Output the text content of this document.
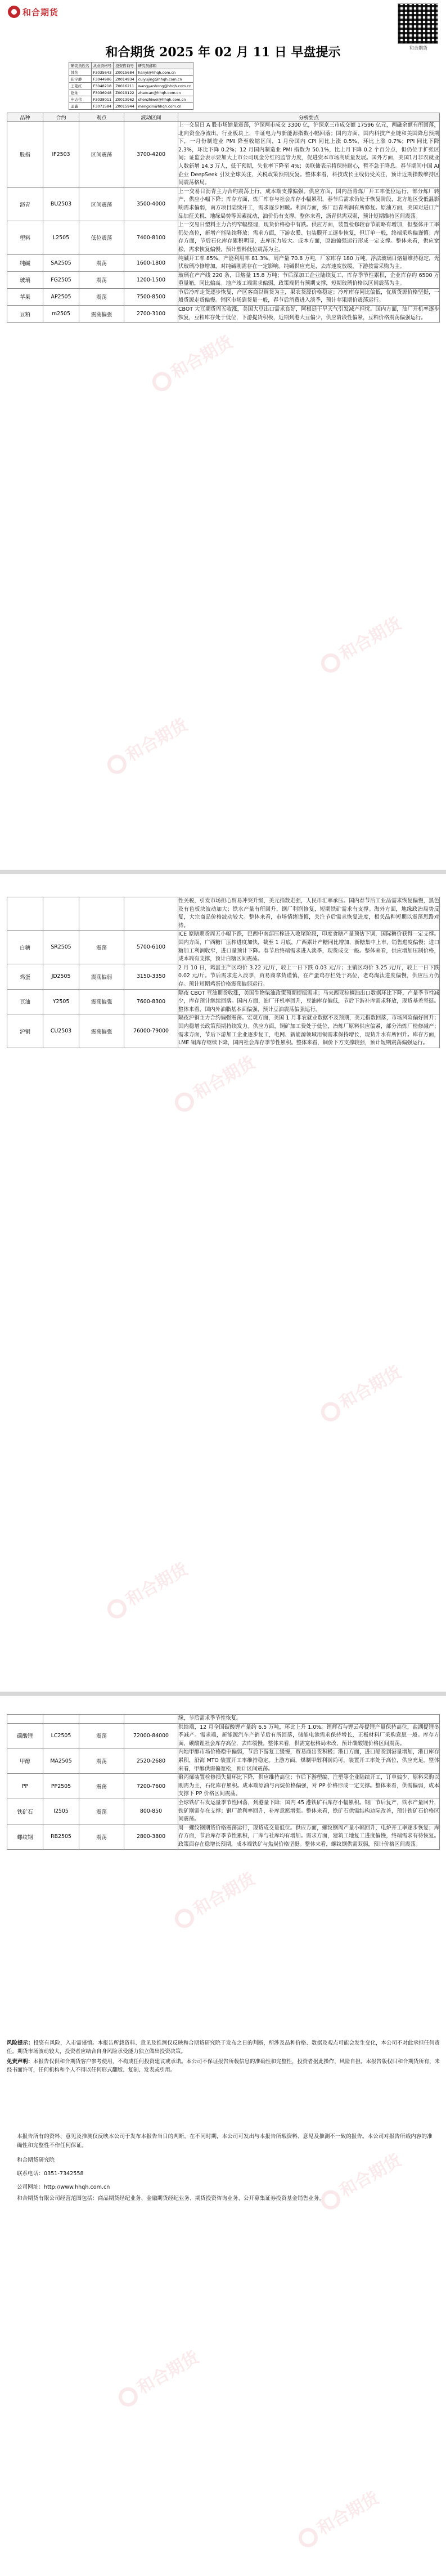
和合期货
和合期货
和合期货 2025 年 02 月 11 日 早盘提示
研究员姓名	从业资格号	投资咨询号	研究员邮箱
韩怡	F3035643	Z0015684	hanyi@hhqh.com.cn
崔宇静	F3044986	Z0014934	cuiyujing@hhqh.com.cn
王艳红	F3048218	Z0016211	wangyanhong@hhqh.com.cn
赵灿	F3036948	Z0019122	zhaocan@hhqh.com.cn
申志伟	F3038011	Z0013962	shenzhiwei@hhqh.com.cn
孟鑫	F3071584	Z0015944	mengxin@hhqh.com.cn
品种	合约	观点	波动区间	分析要点
股指	IF2503	区间震荡	3700-4200	上一交易日 A 股市场缩量震荡，沪深两市成交 3300 亿，沪深京三市成交额 17596 亿元，两融余额有所回落，北向资金净流出。行业板块上，中证电力与新能源指数小幅回落；国内方面，国内科技产业链和美国降息预期下，一月份制造业 PMI 降至收缩区间，1 月份国内 CPI 同比上涨 0.5%，环比上涨 0.7%；PPI 同比下降 2.3%，环比下降 0.2%；12 月国内制造业 PMI 指数为 50.1%，比上月下降 0.2 个百分点，但仍位于扩张区间；证监会表示要加大上市公司现金分红的监管力度，促进资本市场高质量发展。国外方面，美国1月非农就业人数新增 14.3 万人，低于预期，失业率下降至 4%；美联储表示将保持耐心，暂不急于降息。春节期间中国 AI 企业 DeepSeek 引发全球关注，关税政策预期反复。整体来看，科技成长主线仍受关注，预计近期指数维持区间震荡格局。
沥青	BU2503	区间震荡	3500-4000	上一交易日沥青主力合约震荡上行，成本端支撑偏强。供应方面，国内沥青炼厂开工率低位运行，部分炼厂转产，供应小幅下降；库存方面，炼厂库存与社会库存小幅累积，春节后需求仍处于恢复阶段，北方地区受低温影响需求偏弱，南方项目陆续开工，需求逐步回暖。利润方面，炼厂沥青利润有所修复。原油方面，美国对进口产品加征关税、地缘局势等因素扰动，油价仍有支撑。整体来看，沥青供需双弱，预计短期维持区间震荡。
塑料	L2505	低位震荡	7400-8100	上一交易日塑料主力合约窄幅整理，现货价格稳中有跌。供应方面，装置检修较春节前略有增加，但整体开工率仍处高位，新增产能陆续释放；需求方面，下游农膜、包装膜开工逐步恢复，但订单一般，终端采购偏谨慎；库存方面，节后石化库存累积明显，去库压力较大。成本方面，原油偏强运行形成一定支撑。整体来看，供应宽松，需求恢复偏慢，预计塑料低位震荡为主。
纯碱	SA2505	震荡	1600-1800	纯碱开工率 85%，产能利用率 81.3%，周产量 70.8 万吨，厂家库存 180 万吨。浮法玻璃日熔量维持稳定，光伏玻璃冷修增加，对纯碱刚需存在一定影响。纯碱供应充足，去库速度放缓，下游按需采购为主。
玻璃	FG2505	震荡	1200-1500	玻璃在产产线 220 条，日熔量 15.8 万吨；节后深加工企业陆续复工，库存季节性累积，企业库存约 6500 万重量箱，同比偏高。地产竣工端需求偏弱，政策端仍有预期支撑，短期玻璃价格以区间震荡为主。
苹果	AP2505	震荡	7500-8500	节后冷库走货逐步恢复，产区客商以调货为主，果农货源价格稳定；冷库库存同比偏低，优质货源价格坚挺，一般货源走货偏慢。销区市场到货量一般，春节后消费进入淡季，预计苹果期价震荡运行。
豆粕	m2505	震荡偏强	2700-3100	CBOT 大豆期货周五收涨，美国大豆出口需求良好，阿根廷干旱天气引发减产担忧。国内方面，油厂开机率逐步恢复，豆粕库存处于低位，下游提货积极，近期到港大豆偏少，供应阶段性偏紧，豆粕价格震荡偏强运行。
				性关税，引发市场担心贸易冲突升级，美元指数走强，人民币汇率承压。国内春节后工业品需求恢复偏慢，黑色及有色板块波动加大；铁水产量有所回升，钢厂利润修复，短期铁矿需求有支撑。海外方面，地缘政治局势反复，大宗商品价格波动较大。整体来看，市场情绪谨慎，关注节后需求恢复进度，相关品种短期以震荡思路对待。
白糖	SR2505	震荡	5700-6100	ICE 原糖期货周五小幅下跌，巴西中南部压榨进入收尾阶段，印度食糖产量预估下调，国际糖价获得一定支撑。国内方面，广西糖厂压榨进度加快，截至 1 月底，广西累计产糖同比增加，新糖集中上市，销售进度偏慢；进口糖加工利润收窄，进口量预计下降。春节后终端需求进入淡季，现货成交一般。整体来看，供应增加压制价格，成本端有支撑，预计白糖区间震荡。
鸡蛋	JD2505	震荡偏弱	3150-3350	2 月 10 日，鸡蛋主产区均价 3.22 元/斤，较上一日下跌 0.03 元/斤；主销区均价 3.25 元/斤，较上一日下跌 0.02 元/斤。节后需求进入淡季，贸易商拿货谨慎，在产蛋鸡存栏处于高位，老鸡淘汰进度偏慢，供应压力仍存。预计短期鸡蛋价格震荡偏弱运行。
豆油	Y2505	震荡偏强	7600-8300	隔夜 CBOT 豆油期货收涨，美国生物柴油政策预期提振需求；马来西亚棕榈油出口数据环比下降，产量季节性减少，库存预计继续回落。国内方面，油厂开机率回升，豆油库存偏低，节后下游补库需求释放，现货基差坚挺。整体来看，国内外油脂基本面偏强，预计豆油震荡偏强运行。
沪铜	CU2503	震荡偏强	76000-79000	隔夜沪铜主力合约偏强震荡。宏观方面，美国 1 月非农就业数据不及预期，美元指数回落，市场风险偏好回升；国内稳增长政策预期持续发力。供应方面，铜矿加工费处于低位，冶炼厂原料供应偏紧，部分冶炼厂检修减产；需求方面，节后下游加工企业逐步复工，电网、新能源领域用铜需求保持增长，现货升水有所回升。库存方面，LME 铜库存继续下降，国内社会库存季节性累积。整体来看，铜价下方支撑较强，预计短期震荡偏强运行。
				缘，节后需求季节性恢复。
碳酸锂	LC2505	震荡	72000-84000	供给端，12 月全国碳酸锂产量约 6.5 万吨，环比上升 1.0%。锂辉石与锂云母提锂产量保持高位，盐湖提锂冬季减产。需求端，新能源汽车产销节后有所回落，储能电池需求保持增长，正极材料厂采购意愿一般。库存方面，碳酸锂社会库存高位，去库缓慢。整体来看，供需宽松格局未改，预计碳酸锂价格区间震荡。
甲醇	MA2505	震荡	2520-2680	内地甲醇市场价格稳中偏弱，节后下游复工缓慢，贸易商出货积极；港口方面，进口船货到港量增加，港口库存累积，沿海 MTO 装置开工率维持稳定。上游方面，煤制甲醇利润尚可，装置开工率处于高位，供应充足。整体来看，甲醇供需偏宽松，预计区间震荡。
PP	PP2505	震荡	7200-7600	聚丙烯装置检修损失量环比下降，供应维持高位；节后下游塑编、注塑等企业陆续开工，订单偏少，原料采购以刚需为主，石化库存累积。成本端原油与丙烷价格偏强，对 PP 价格形成一定支撑。整体来看，供需偏弱，成本支撑下 PP 价格区间震荡。
铁矿石	I2505	震荡	800-850	全球铁矿石发运量季节性回落，到港量下降；国内 45 港铁矿石库存小幅累积。钢厂节后复产，铁水产量回升，铁矿刚需存在支撑；钢厂盈利率回升，补库意愿增强。整体来看，铁矿石供需结构边际改善，预计铁矿石价格区间震荡。
螺纹钢	RB2505	震荡	2800-3800	周一螺纹钢期货价格震荡运行，现货成交量低位。供应方面，螺纹钢周产量小幅回升，电炉开工率逐步恢复；库存方面，节后库存季节性累积，厂库与社库均有增加。需求方面，建筑工地复工进度偏慢，终端需求有待恢复。政策面存在稳增长预期，成本端铁矿与焦炭价格坚挺。整体来看，螺纹钢供需双弱，预计价格区间震荡。

风险提示：投资有风险，入市需谨慎。本报告所载资料、意见及推测仅反映和合期货研究院于发布之日的判断，所涉及品种价格、数据及观点可能会发生变化，本公司不对此承担任何责任。期货市场波动较大，投资者应结合自身风险承受能力独立做出投资决策。

免责声明：本报告仅供和合期货客户参考使用，不构成任何投资建议或承诺。本公司不保证报告所载信息的准确性和完整性，投资者据此操作，风险自担。本报告版权归和合期货所有，未经书面许可，任何机构和个人不得以任何形式翻版、复制、发表或引用。

本报告所有的资料、意见及推测仅反映本公司于发布本报告当日的判断，在不同时期，本公司可发出与本报告所载资料、意见及推测不一致的报告。本公司对报告所载内容的准确性和完整性不作任何保证。

和合期货研究院

联系电话：0351-7342558

公司网址：http://www.hhqh.com.cn

和合期货有限公司经营范围包括：商品期货经纪业务、金融期货经纪业务、期货投资咨询业务、公开募集证券投资基金销售业务。
